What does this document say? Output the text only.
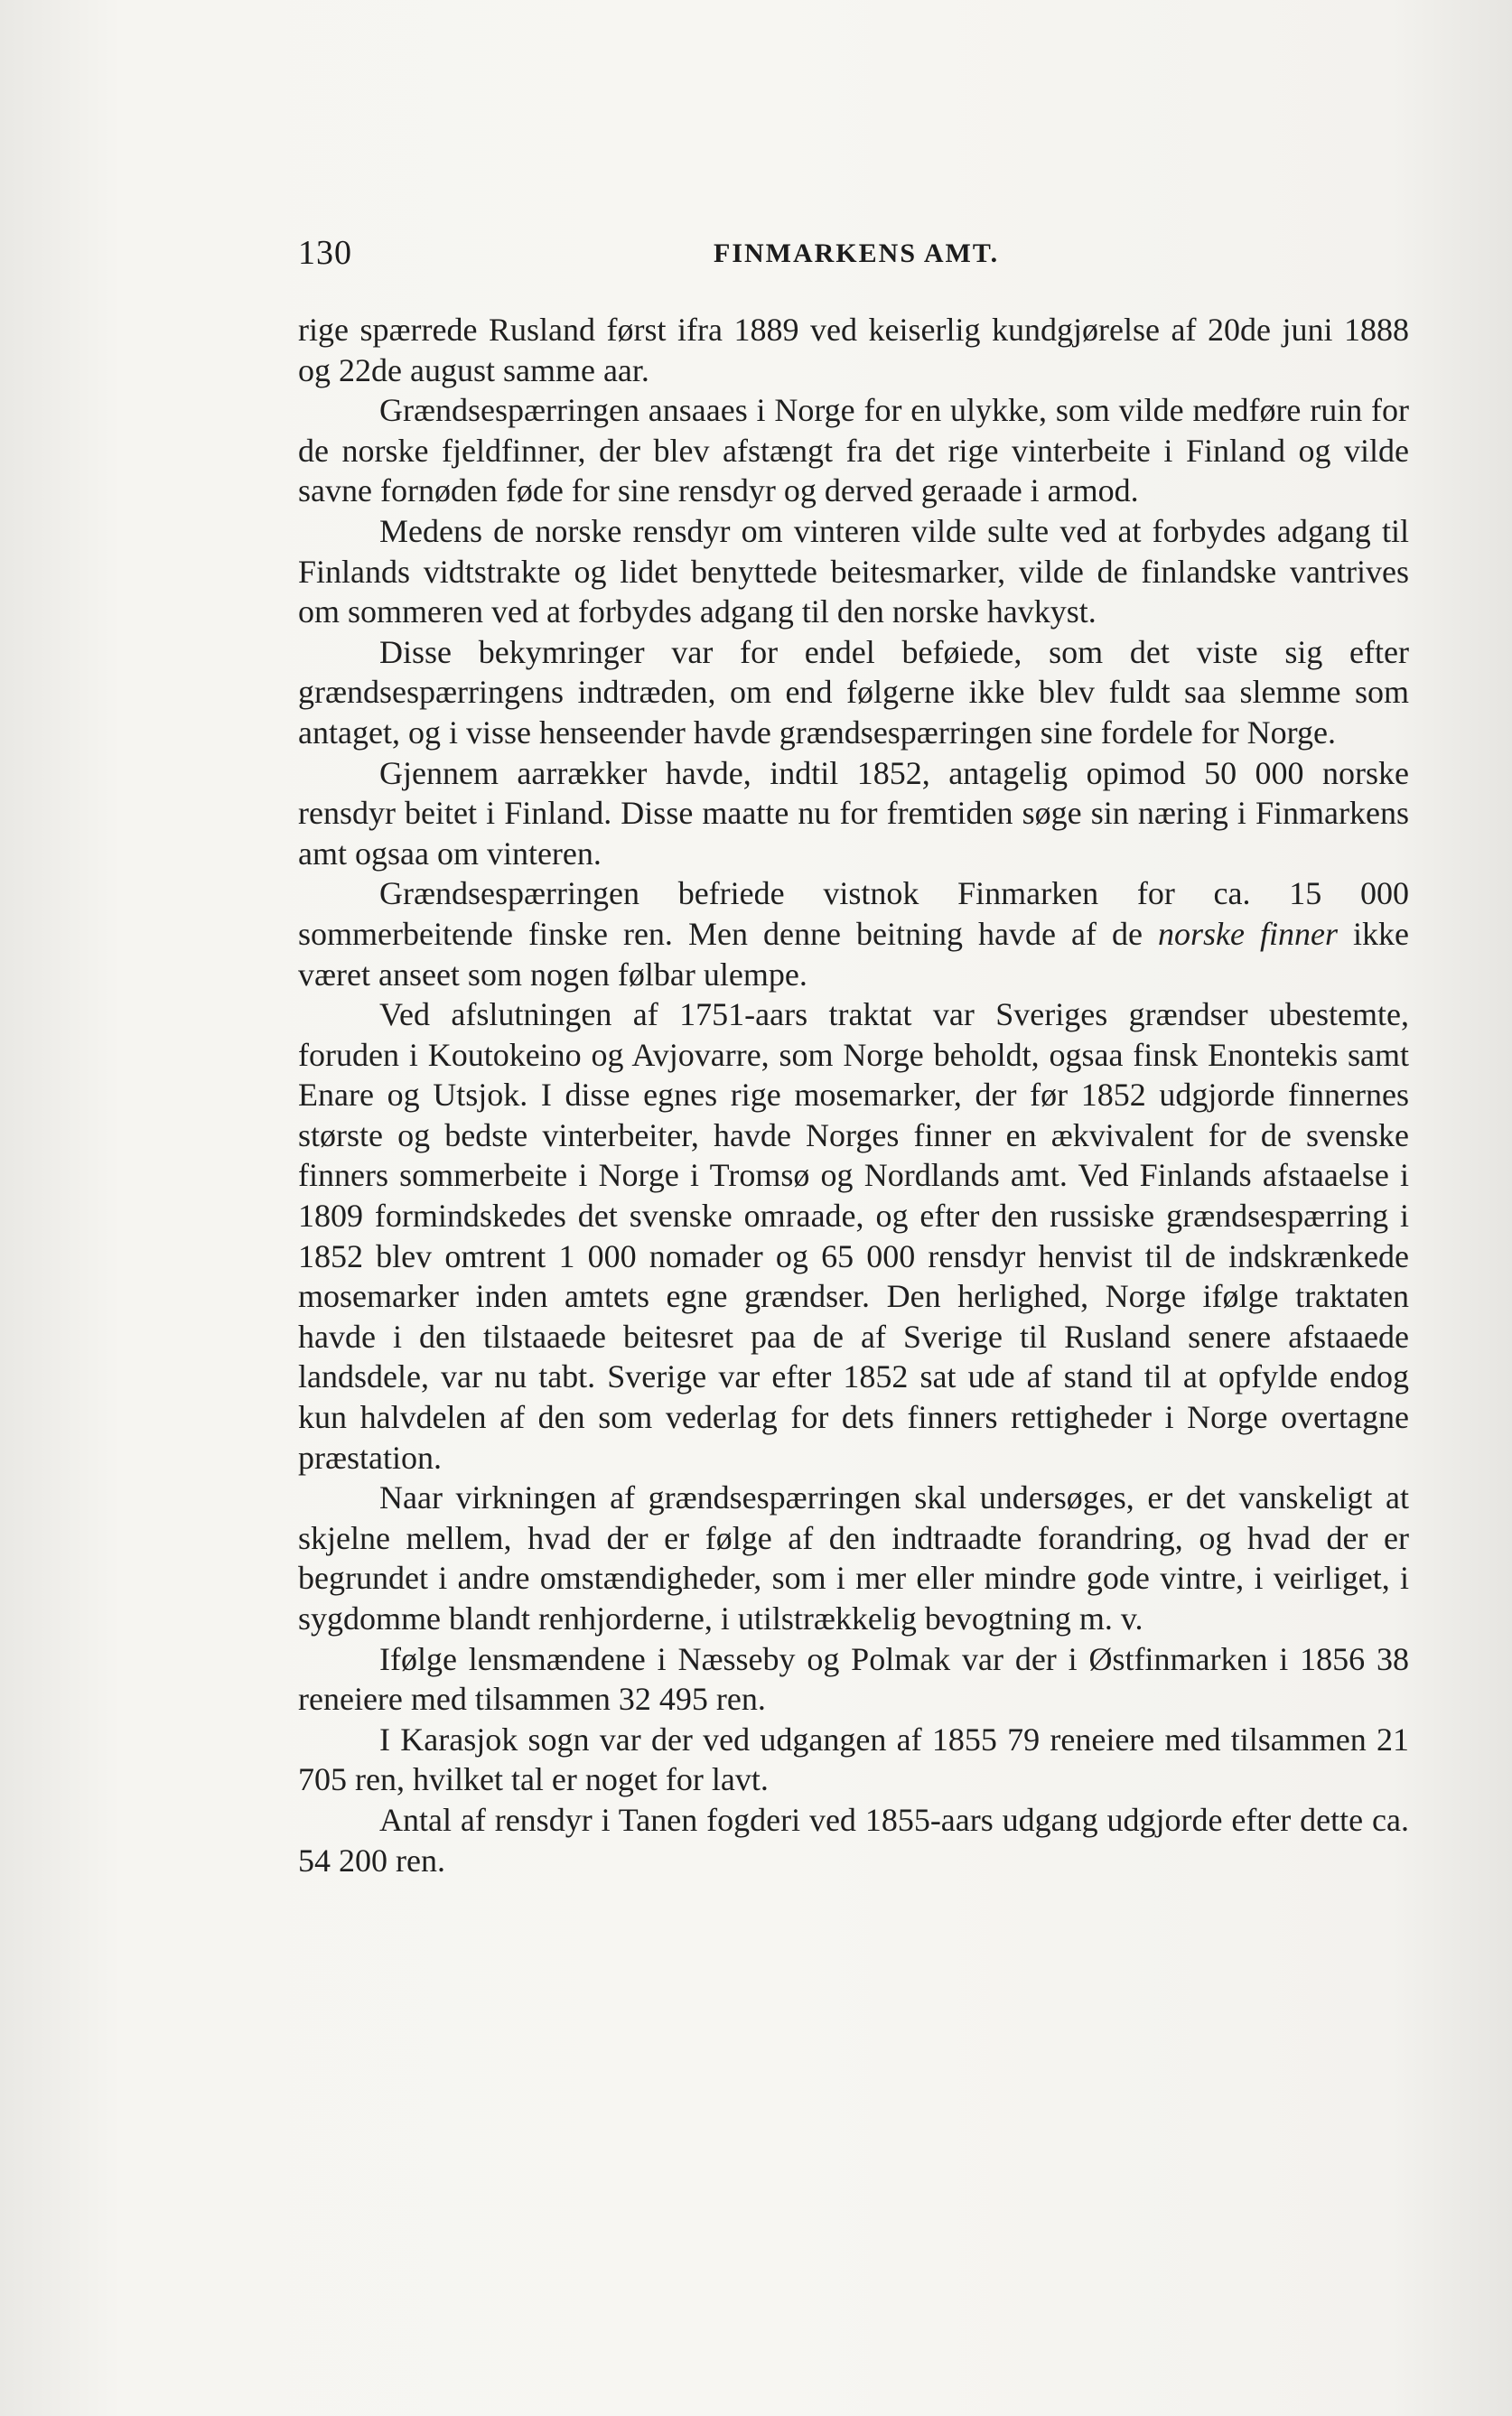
130	FINMARKENS AMT.

rige spærrede Rusland først ifra 1889 ved keiserlig kundgjørelse af 20de juni 1888 og 22de august samme aar.

Grændsespærringen ansaaes i Norge for en ulykke, som vilde medføre ruin for de norske fjeldfinner, der blev afstængt fra det rige vinterbeite i Finland og vilde savne fornøden føde for sine rensdyr og derved geraade i armod.

Medens de norske rensdyr om vinteren vilde sulte ved at forbydes adgang til Finlands vidtstrakte og lidet benyttede beitesmarker, vilde de finlandske vantrives om sommeren ved at forbydes adgang til den norske havkyst.

Disse bekymringer var for endel beføiede, som det viste sig efter grændsespærringens indtræden, om end følgerne ikke blev fuldt saa slemme som antaget, og i visse henseender havde grændsespærringen sine fordele for Norge.

Gjennem aarrækker havde, indtil 1852, antagelig opimod 50 000 norske rensdyr beitet i Finland. Disse maatte nu for fremtiden søge sin næring i Finmarkens amt ogsaa om vinteren.

Grændsespærringen befriede vistnok Finmarken for ca. 15 000 sommerbeitende finske ren. Men denne beitning havde af de norske finner ikke været anseet som nogen følbar ulempe.

Ved afslutningen af 1751-aars traktat var Sveriges grændser ubestemte, foruden i Koutokeino og Avjovarre, som Norge beholdt, ogsaa finsk Enontekis samt Enare og Utsjok. I disse egnes rige mosemarker, der før 1852 udgjorde finnernes største og bedste vinterbeiter, havde Norges finner en ækvivalent for de svenske finners sommerbeite i Norge i Tromsø og Nordlands amt. Ved Finlands afstaaelse i 1809 formindskedes det svenske omraade, og efter den russiske grændsespærring i 1852 blev omtrent 1 000 nomader og 65 000 rensdyr henvist til de indskrænkede mosemarker inden amtets egne grændser. Den herlighed, Norge ifølge traktaten havde i den tilstaaede beitesret paa de af Sverige til Rusland senere afstaaede landsdele, var nu tabt. Sverige var efter 1852 sat ude af stand til at opfylde endog kun halvdelen af den som vederlag for dets finners rettigheder i Norge overtagne præstation.

Naar virkningen af grændsespærringen skal undersøges, er det vanskeligt at skjelne mellem, hvad der er følge af den indtraadte forandring, og hvad der er begrundet i andre omstændigheder, som i mer eller mindre gode vintre, i veirliget, i sygdomme blandt renhjorderne, i utilstrækkelig bevogtning m. v.

Ifølge lensmændene i Næsseby og Polmak var der i Østfinmarken i 1856 38 reneiere med tilsammen 32 495 ren.

I Karasjok sogn var der ved udgangen af 1855 79 reneiere med tilsammen 21 705 ren, hvilket tal er noget for lavt.

Antal af rensdyr i Tanen fogderi ved 1855-aars udgang udgjorde efter dette ca. 54 200 ren.
